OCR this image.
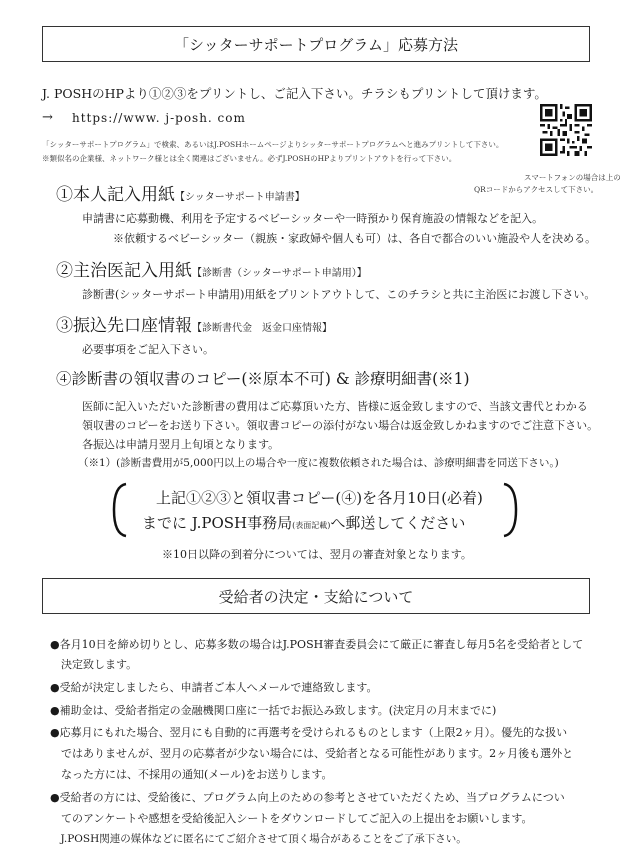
「シッターサポートプログラム」応募方法
J. POSHのHPより①②③をプリントし、ご記入下さい。チラシもプリントして頂けます。
→ https://www. j-posh. com
「シッターサポートプログラム」で検索、あるいはJ.POSHホームページよりシッターサポートプログラムへと進みプリントして下さい。
※類似名の企業様、ネットワーク様とは全く関連はございません。必ずJ.POSHのHPよりプリントアウトを行って下さい。
スマートフォンの場合は上の
QRコードからアクセスして下さい。
①本人記入用紙【シッターサポート申請書】
申請書に応募動機、利用を予定するベビーシッターや一時預かり保育施設の情報などを記入。
※依頼するベビーシッター（親族・家政婦や個人も可）は、各自で都合のいい施設や人を決める。
②主治医記入用紙【診断書（シッターサポート申請用）】
診断書(シッターサポート申請用)用紙をプリントアウトして、このチラシと共に主治医にお渡し下さい。
③振込先口座情報【診断書代金　返金口座情報】
必要事項をご記入下さい。
④診断書の領収書のコピー(※原本不可) & 診療明細書(※1)
医師に記入いただいた診断書の費用はご応募頂いた方、皆様に返金致しますので、当該文書代とわかる
領収書のコピーをお送り下さい。領収書コピーの添付がない場合は返金致しかねますのでご注意下さい。
各振込は申請月翌月上旬頃となります。
（※1）(診断書費用が5,000円以上の場合や一度に複数依頼された場合は、診療明細書を同送下さい。)
上記①②③と領収書コピー(④)を各月10日(必着)
までに J.POSH事務局(表面記載)へ郵送してください
※10日以降の到着分については、翌月の審査対象となります。
受給者の決定・支給について
●各月10日を締め切りとし、応募多数の場合はJ.POSH審査委員会にて厳正に審査し毎月5名を受給者として
　決定致します。
●受給が決定しましたら、申請者ご本人へメールで連絡致します。
●補助金は、受給者指定の金融機関口座に一括でお振込み致します。(決定月の月末までに)
●応募月にもれた場合、翌月にも自動的に再選考を受けられるものとします（上限2ヶ月）。優先的な扱い
　ではありませんが、翌月の応募者が少ない場合には、受給者となる可能性があります。2ヶ月後も選外と
　なった方には、不採用の通知(メール)をお送りします。
●受給者の方には、受給後に、プログラム向上のための参考とさせていただくため、当プログラムについ
　てのアンケートや感想を受給後記入シートをダウンロードしてご記入の上提出をお願いします。
　J.POSH関連の媒体などに匿名にてご紹介させて頂く場合があることをご了承下さい。
